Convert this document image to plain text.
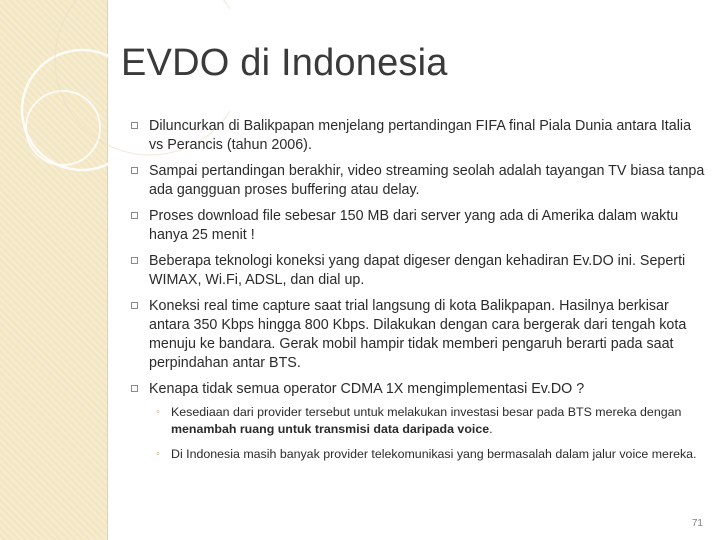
EVDO di Indonesia
Diluncurkan di Balikpapan menjelang pertandingan FIFA final Piala Dunia antara Italia vs Perancis (tahun 2006).
Sampai pertandingan berakhir, video streaming seolah adalah tayangan TV biasa tanpa ada gangguan proses buffering atau delay.
Proses download file sebesar 150 MB dari server yang ada di Amerika dalam waktu hanya 25 menit !
Beberapa teknologi koneksi yang dapat digeser dengan kehadiran Ev.DO ini. Seperti WIMAX, Wi.Fi, ADSL, dan dial up.
Koneksi real time capture saat trial langsung di kota Balikpapan. Hasilnya berkisar antara 350 Kbps hingga 800 Kbps. Dilakukan dengan cara bergerak dari tengah kota menuju ke bandara. Gerak mobil hampir tidak memberi pengaruh berarti pada saat perpindahan antar BTS.
Kenapa tidak semua operator CDMA 1X mengimplementasi Ev.DO ?
◦ Kesediaan dari provider tersebut untuk melakukan investasi besar pada BTS mereka dengan menambah ruang untuk transmisi data daripada voice.
◦ Di Indonesia masih banyak provider telekomunikasi yang bermasalah dalam jalur voice mereka.
71
